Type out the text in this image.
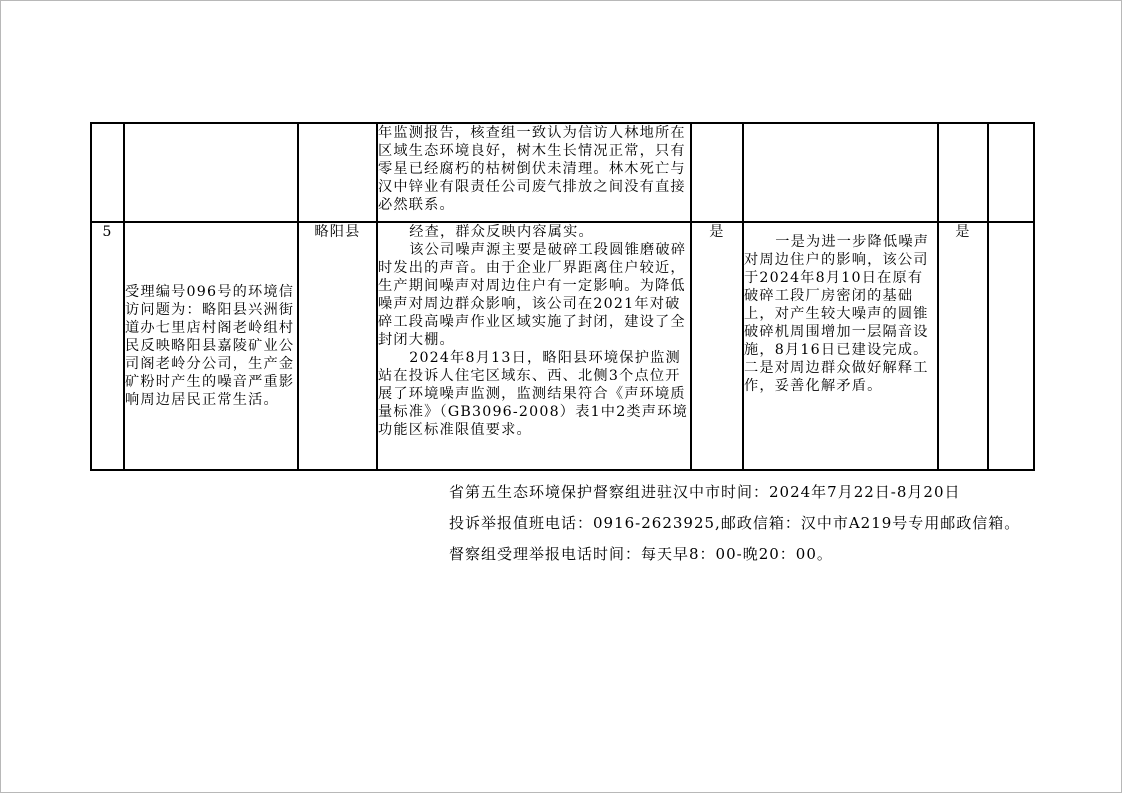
			年监测报告，核查组一致认为信访人林地所在区域生态环境良好，树木生长情况正常，只有零星已经腐朽的枯树倒伏未清理。林木死亡与汉中锌业有限责任公司废气排放之间没有直接必然联系。				

5	受理编号096号的环境信访问题为：略阳县兴洲街道办七里店村阁老岭组村民反映略阳县嘉陵矿业公司阁老岭分公司，生产金矿粉时产生的噪音严重影响周边居民正常生活。	略阳县	经查，群众反映内容属实。

该公司噪声源主要是破碎工段圆锥磨破碎时发出的声音。由于企业厂界距离住户较近，生产期间噪声对周边住户有一定影响。为降低噪声对周边群众影响，该公司在2021年对破碎工段高噪声作业区域实施了封闭，建设了全封闭大棚。

2024年8月13日，略阳县环境保护监测站在投诉人住宅区域东、西、北侧3个点位开展了环境噪声监测，监测结果符合《声环境质量标准》（GB3096-2008）表1中2类声环境功能区标准限值要求。	是	一是为进一步降低噪声对周边住户的影响，该公司于2024年8月10日在原有破碎工段厂房密闭的基础上，对产生较大噪声的圆锥破碎机周围增加一层隔音设施，8月16日已建设完成。二是对周边群众做好解释工作，妥善化解矛盾。	是	
省第五生态环境保护督察组进驻汉中市时间：2024年7月22日-8月20日
投诉举报值班电话：0916-2623925,邮政信箱：汉中市A219号专用邮政信箱。
督察组受理举报电话时间：每天早8：00-晚20：00。
